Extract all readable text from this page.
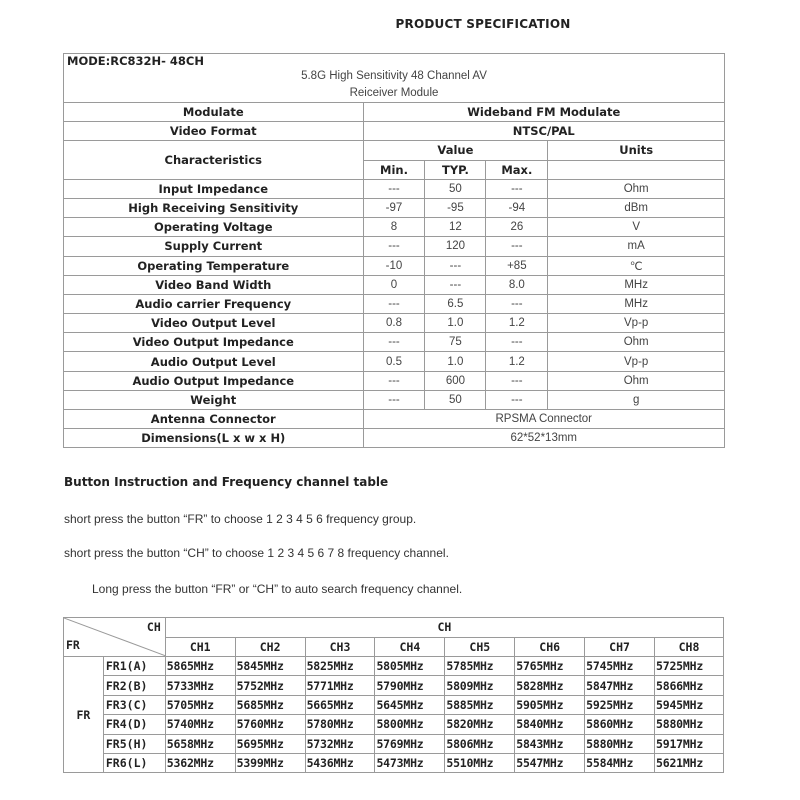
PRODUCT SPECIFICATION
MODE:RC832H- 48CH
5.8G High Sensitivity 48 Channel AV
Reiceiver Module				

Modulate	Wideband FM Modulate			
Video Format	NTSC/PAL			
Characteristics	Value			Units
	Min.	TYP.	Max.	
Input Impedance	---	50	---	Ohm
High Receiving Sensitivity	-97	-95	-94	dBm
Operating Voltage	8	12	26	V
Supply Current	---	120	---	mA
Operating Temperature	-10	---	+85	℃
Video Band Width	0	---	8.0	MHz
Audio carrier Frequency	---	6.5	---	MHz
Video Output Level	0.8	1.0	1.2	Vp-p
Video Output Impedance	---	75	---	Ohm
Audio Output Level	0.5	1.0	1.2	Vp-p
Audio Output Impedance	---	600	---	Ohm
Weight	---	50	---	g
Antenna Connector	RPSMA Connector			
Dimensions(L x w x H)	62*52*13mm			
Button Instruction and Frequency channel table
short press the button “FR” to choose 1 2 3 4 5 6 frequency group.
short press the button “CH” to choose 1 2 3 4 5 6 7 8 frequency channel.
Long press the button “FR” or “CH” to auto search frequency channel.
CH
FR		CH							
		CH1	CH2	CH3	CH4	CH5	CH6	CH7	CH8
FR	FR1(A)	5865MHz	5845MHz	5825MHz	5805MHz	5785MHz	5765MHz	5745MHz	5725MHz
	FR2(B)	5733MHz	5752MHz	5771MHz	5790MHz	5809MHz	5828MHz	5847MHz	5866MHz
	FR3(C)	5705MHz	5685MHz	5665MHz	5645MHz	5885MHz	5905MHz	5925MHz	5945MHz
	FR4(D)	5740MHz	5760MHz	5780MHz	5800MHz	5820MHz	5840MHz	5860MHz	5880MHz
	FR5(H)	5658MHz	5695MHz	5732MHz	5769MHz	5806MHz	5843MHz	5880MHz	5917MHz
	FR6(L)	5362MHz	5399MHz	5436MHz	5473MHz	5510MHz	5547MHz	5584MHz	5621MHz
